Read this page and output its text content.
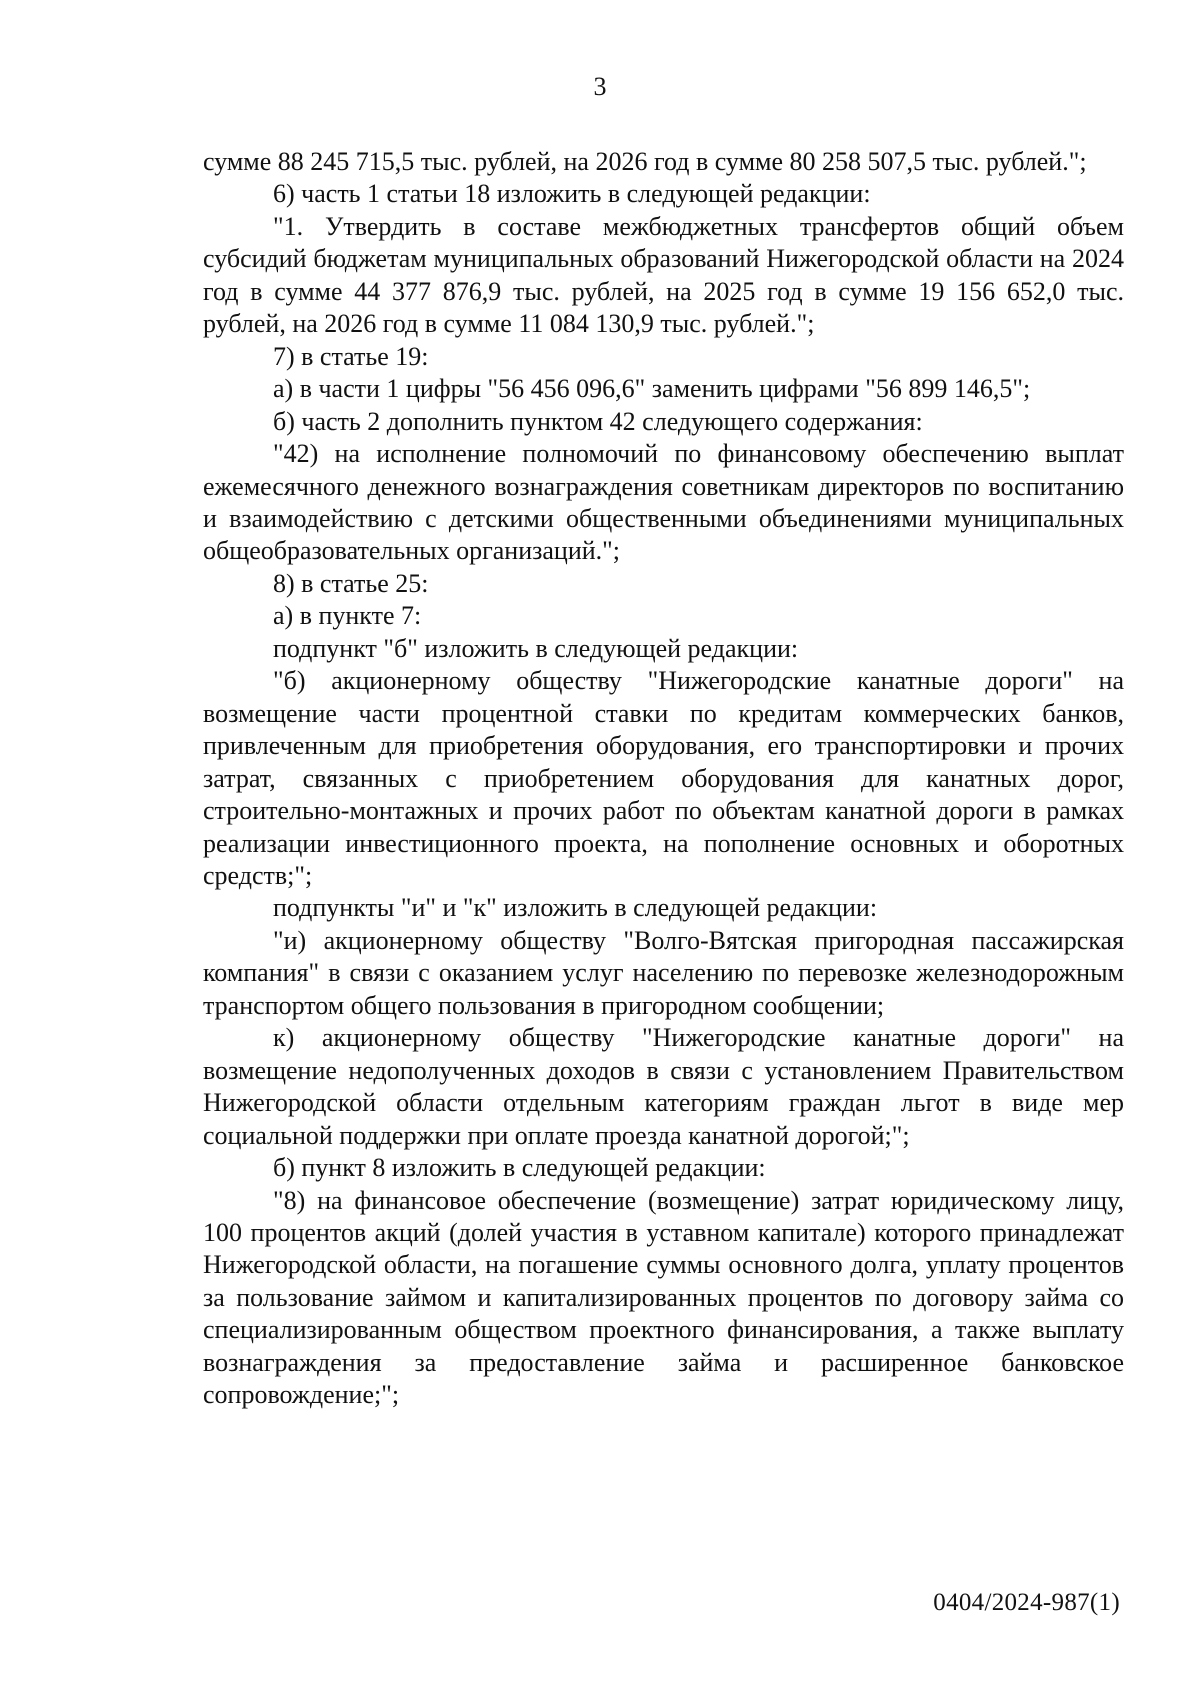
3

сумме 88 245 715,5 тыс. рублей, на 2026 год в сумме 80 258 507,5 тыс. рублей.";

6) часть 1 статьи 18 изложить в следующей редакции:

"1. Утвердить в составе межбюджетных трансфертов общий объем субсидий бюджетам муниципальных образований Нижегородской области на 2024 год в сумме 44 377 876,9 тыс. рублей, на 2025 год в сумме 19 156 652,0 тыс. рублей, на 2026 год в сумме 11 084 130,9 тыс. рублей.";

7) в статье 19:

а) в части 1 цифры "56 456 096,6" заменить цифрами "56 899 146,5";

б) часть 2 дополнить пунктом 42 следующего содержания:

"42) на исполнение полномочий по финансовому обеспечению выплат ежемесячного денежного вознаграждения советникам директоров по воспитанию и взаимодействию с детскими общественными объединениями муниципальных общеобразовательных организаций.";

8) в статье 25:

а) в пункте 7:

подпункт "б" изложить в следующей редакции:

"б) акционерному обществу "Нижегородские канатные дороги" на возмещение части процентной ставки по кредитам коммерческих банков, привлеченным для приобретения оборудования, его транспортировки и прочих затрат, связанных с приобретением оборудования для канатных дорог, строительно-монтажных и прочих работ по объектам канатной дороги в рамках реализации инвестиционного проекта, на пополнение основных и оборотных средств;";

подпункты "и" и "к" изложить в следующей редакции:

"и) акционерному обществу "Волго-Вятская пригородная пассажирская компания" в связи с оказанием услуг населению по перевозке железнодорожным транспортом общего пользования в пригородном сообщении;

к) акционерному обществу "Нижегородские канатные дороги" на возмещение недополученных доходов в связи с установлением Правительством Нижегородской области отдельным категориям граждан льгот в виде мер социальной поддержки при оплате проезда канатной дорогой;";

б) пункт 8 изложить в следующей редакции:

"8) на финансовое обеспечение (возмещение) затрат юридическому лицу, 100 процентов акций (долей участия в уставном капитале) которого принадлежат Нижегородской области, на погашение суммы основного долга, уплату процентов за пользование займом и капитализированных процентов по договору займа со специализированным обществом проектного финансирования, а также выплату вознаграждения за предоставление займа и расширенное банковское сопровождение;";

0404/2024-987(1)
